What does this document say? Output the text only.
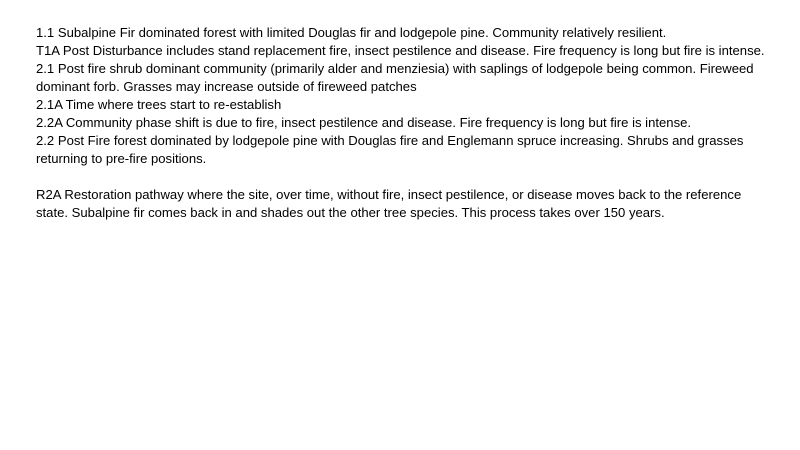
1.1 Subalpine Fir dominated forest with limited Douglas fir and lodgepole pine. Community relatively resilient.

T1A Post Disturbance includes stand replacement fire, insect pestilence and disease. Fire frequency is long but fire is intense.

2.1 Post fire shrub dominant community (primarily alder and menziesia) with saplings of lodgepole being common. Fireweed dominant forb. Grasses may increase outside of fireweed patches

2.1A Time where trees start to re-establish

2.2A Community phase shift is due to fire, insect pestilence and disease. Fire frequency is long but fire is intense.

2.2 Post Fire forest dominated by lodgepole pine with Douglas fire and Englemann spruce increasing. Shrubs and grasses returning to pre-fire positions.

R2A Restoration pathway where the site, over time, without fire, insect pestilence, or disease moves back to the reference state. Subalpine fir comes back in and shades out the other tree species. This process takes over 150 years.
